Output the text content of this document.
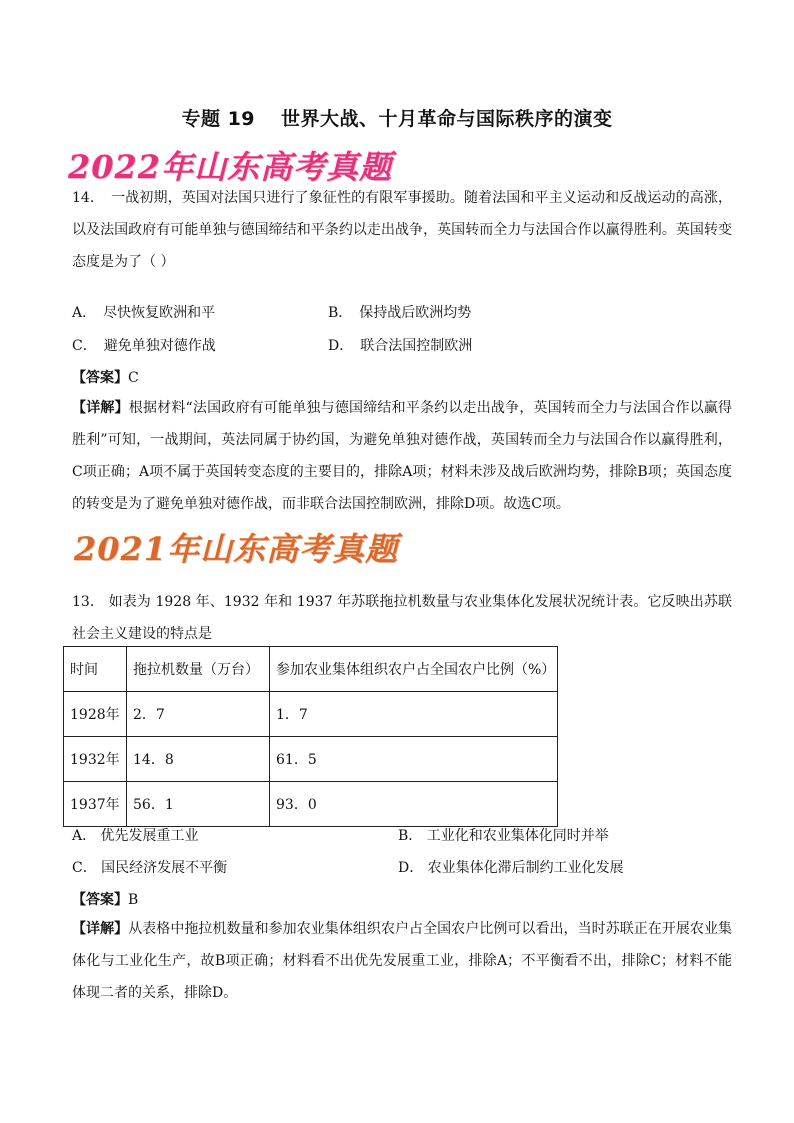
专题 19 世界大战、十月革命与国际秩序的演变
2022年山东高考真题
14．　一战初期，英国对法国只进行了象征性的有限军事援助。随着法国和平主义运动和反战运动的高涨，以及法国政府有可能单独与德国缔结和平条约以走出战争，英国转而全力与法国合作以赢得胜利。英国转变态度是为了（ ）
A．　尽快恢复欧洲和平	B．　保持战后欧洲均势
C．　避免单独对德作战	D．　联合法国控制欧洲
【答案】C
【详解】根据材料“法国政府有可能单独与德国缔结和平条约以走出战争，英国转而全力与法国合作以赢得胜利”可知，一战期间，英法同属于协约国，为避免单独对德作战，英国转而全力与法国合作以赢得胜利，C项正确；A项不属于英国转变态度的主要目的，排除A项；材料未涉及战后欧洲均势，排除B项；英国态度的转变是为了避免单独对德作战，而非联合法国控制欧洲，排除D项。故选C项。
2021年山东高考真题
13． 如表为 1928 年、1932 年和 1937 年苏联拖拉机数量与农业集体化发展状况统计表。它反映出苏联社会主义建设的特点是
时间	拖拉机数量（万台）	参加农业集体组织农户占全国农户比例（%）
1928年	2．7	1．7
1932年	14．8	61．5
1937年	56．1	93．0
A． 优先发展重工业	B． 工业化和农业集体化同时并举
C． 国民经济发展不平衡	D． 农业集体化滞后制约工业化发展
【答案】B
【详解】从表格中拖拉机数量和参加农业集体组织农户占全国农户比例可以看出，当时苏联正在开展农业集体化与工业化生产，故B项正确；材料看不出优先发展重工业，排除A；不平衡看不出，排除C；材料不能体现二者的关系，排除D。
